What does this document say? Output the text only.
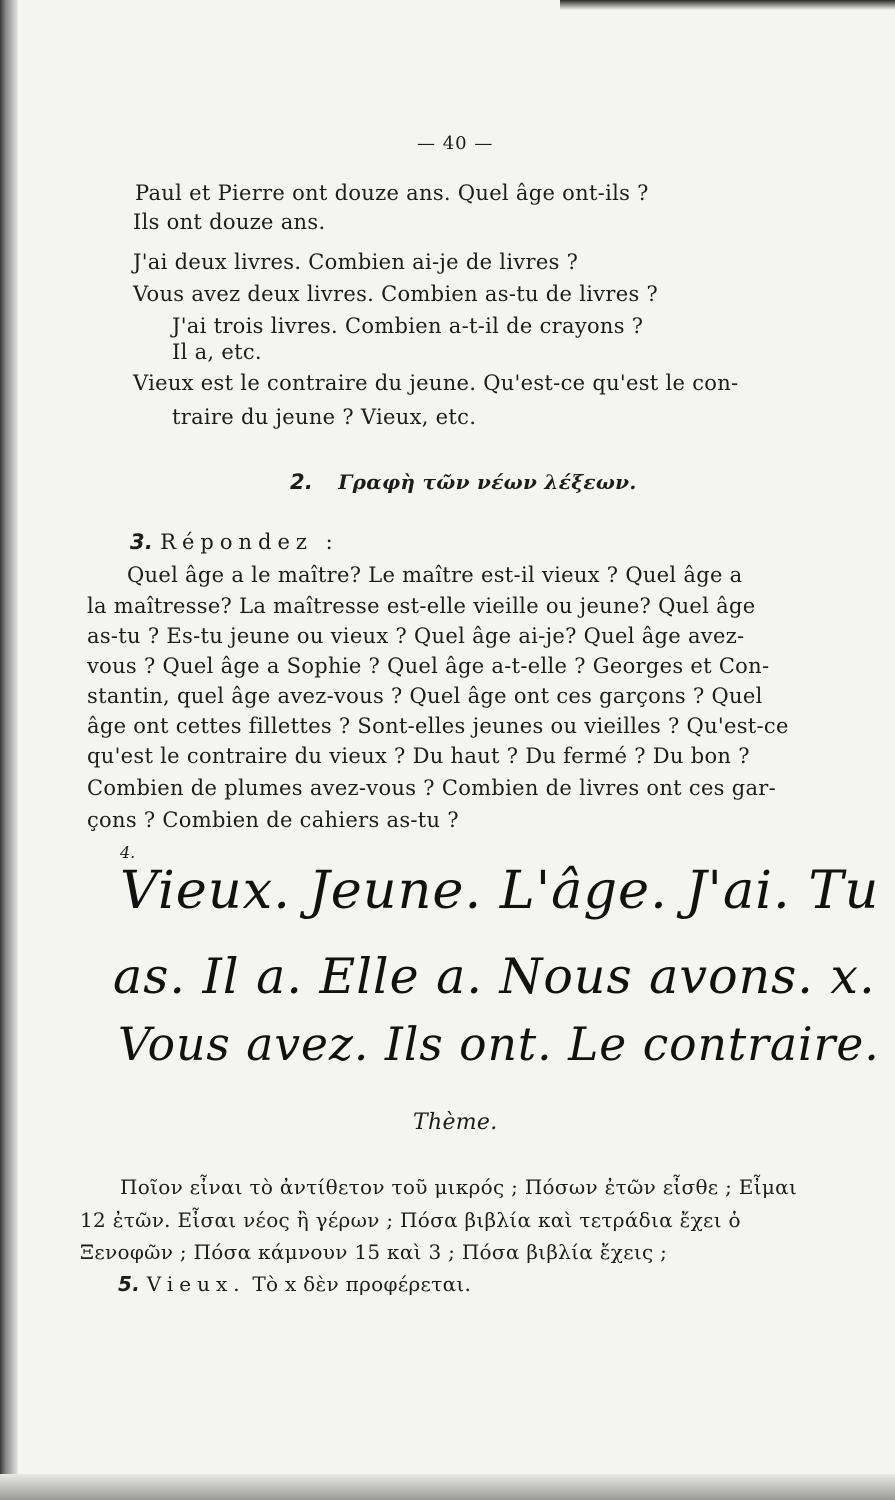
— 40 —
Paul et Pierre ont douze ans. Quel âge ont-ils ?
Ils ont douze ans.
J'ai deux livres. Combien ai-je de livres ?
Vous avez deux livres. Combien as-tu de livres ?
J'ai trois livres. Combien a-t-il de crayons ?
Il a, etc.
Vieux est le contraire du jeune. Qu'est-ce qu'est le con-
traire du jeune ? Vieux, etc.
2. Γραφὴ τῶν νέων λέξεων.
3. Répondez :
Quel âge a le maître? Le maître est-il vieux ? Quel âge a
la maîtresse? La maîtresse est-elle vieille ou jeune? Quel âge
as-tu ? Es-tu jeune ou vieux ? Quel âge ai-je? Quel âge avez-
vous ? Quel âge a Sophie ? Quel âge a-t-elle ? Georges et Con-
stantin, quel âge avez-vous ? Quel âge ont ces garçons ? Quel
âge ont cettes fillettes ? Sont-elles jeunes ou vieilles ? Qu'est-ce
qu'est le contraire du vieux ? Du haut ? Du fermé ? Du bon ?
Combien de plumes avez-vous ? Combien de livres ont ces gar-
çons ? Combien de cahiers as-tu ?
4.
Vieux. Jeune. L'âge. J'ai. Tu
as. Il a. Elle a. Nous avons. x.
Vous avez. Ils ont. Le contraire.
Thème.
Ποῖον εἶναι τὸ ἀντίθετον τοῦ μικρός ; Πόσων ἐτῶν εἶσθε ; Εἶμαι
12 ἐτῶν. Εἶσαι νέος ἢ γέρων ; Πόσα βιβλία καὶ τετράδια ἔχει ὁ
Ξενοφῶν ; Πόσα κάμνουν 15 καὶ 3 ; Πόσα βιβλία ἔχεις ;
5. Vieux. Τὸ x δὲν προφέρεται.
